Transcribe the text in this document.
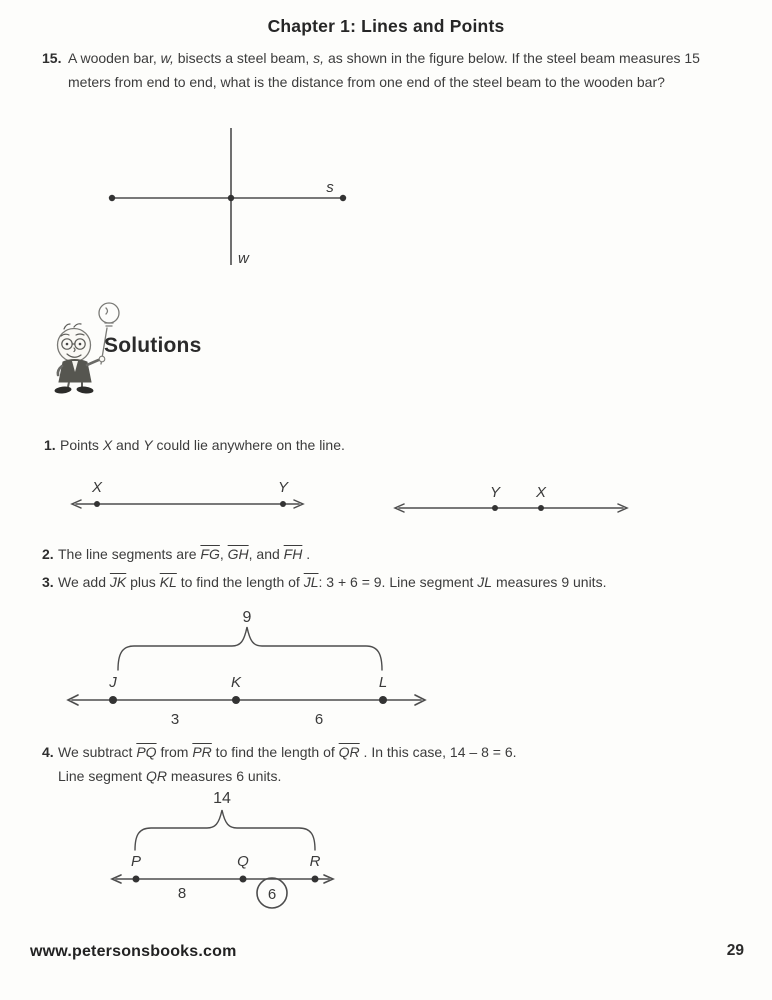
Chapter 1: Lines and Points
15. A wooden bar, w, bisects a steel beam, s, as shown in the figure below. If the steel beam measures 15 meters from end to end, what is the distance from one end of the steel beam to the wooden bar?
s
w
Solutions
1. Points X and Y could lie anywhere on the line.
X	Y	Y X
2. The line segments are $\overline{FG}$, $\overline{GH}$, and $\overline{FH}$ .
3. We add $\overline{JK}$ plus $\overline{KL}$ to find the length of $\overline{JL}$: 3 + 6 = 9. Line segment JL measures 9 units.
9
J	K	L
3	6
4. We subtract $\overline{PQ}$ from $\overline{PR}$ to find the length of $\overline{QR}$ . In this case, 14 – 8 = 6.
Line segment QR measures 6 units.
14
P	Q	R
8	6
www.petersonsbooks.com	29
